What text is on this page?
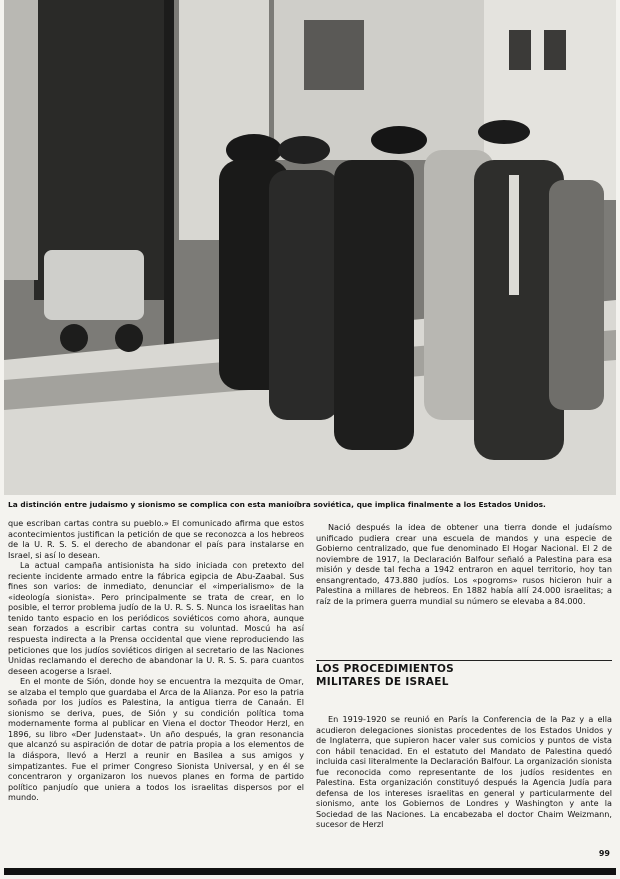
La distinción entre judaismo y sionismo se complica con esta manioíbra soviética, que implica finalmente a los Estados Unidos.

que escriban cartas contra su pueblo.» El comunicado afirma que estos acontecimientos justifican la petición de que se reconozca a los hebreos de la U. R. S. S. el derecho de abandonar el país para instalarse en Israel, si así lo desean.

La actual campaña antisionista ha sido iniciada con pretexto del reciente incidente armado entre la fábrica egipcia de Abu-Zaabal. Sus fines son varios: de inmediato, denunciar el «imperialismo» de la «ideología sionista». Pero principalmente se trata de crear, en lo posible, el terror problema judío de la U. R. S. S. Nunca los israelitas han tenido tanto espacio en los periódicos soviéticos como ahora, aunque sean forzados a escribir cartas contra su voluntad. Moscú ha así respuesta indirecta a la Prensa occidental que viene reproduciendo las peticiones que los judíos soviéticos dirigen al secretario de las Naciones Unidas reclamando el derecho de abandonar la U. R. S. S. para cuantos deseen acogerse a Israel.

En el monte de Sión, donde hoy se encuentra la mezquita de Omar, se alzaba el templo que guardaba el Arca de la Alianza. Por eso la patria soñada por los judíos es Palestina, la antigua tierra de Canaán. El sionismo se deriva, pues, de Sión y su condición política toma modernamente forma al publicar en Viena el doctor Theodor Herzl, en 1896, su libro «Der Judenstaat». Un año después, la gran resonancia que alcanzó su aspiración de dotar de patria propia a los elementos de la diáspora, llevó a Herzl a reunir en Basilea a sus amigos y simpatizantes. Fue el primer Congreso Sionista Universal, y en él se concentraron y organizaron los nuevos planes en forma de partido político panjudío que uniera a todos los israelitas dispersos por el mundo.

Nació después la idea de obtener una tierra donde el judaísmo unificado pudiera crear una escuela de mandos y una especie de Gobierno centralizado, que fue denominado El Hogar Nacional. El 2 de noviembre de 1917, la Declaración Balfour señaló a Palestina para esa misión y desde tal fecha a 1942 entraron en aquel territorio, hoy tan ensangrentado, 473.880 judíos. Los «pogroms» rusos hicieron huir a Palestina a millares de hebreos. En 1882 había allí 24.000 israelitas; a raíz de la primera guerra mundial su número se elevaba a 84.000.

LOS PROCEDIMIENTOS
MILITARES DE ISRAEL

En 1919-1920 se reunió en París la Conferencia de la Paz y a ella acudieron delegaciones sionistas procedentes de los Estados Unidos y de Inglaterra, que supieron hacer valer sus comicios y puntos de vista con hábil tenacidad. En el estatuto del Mandato de Palestina quedó incluida casi literalmente la Declaración Balfour. La organización sionista fue reconocida como representante de los judíos residentes en Palestina. Esta organización constituyó después la Agencia Judía para defensa de los intereses israelitas en general y particularmente del sionismo, ante los Gobiernos de Londres y Washington y ante la Sociedad de las Naciones. La encabezaba el doctor Chaim Weizmann, sucesor de Herzl

99
